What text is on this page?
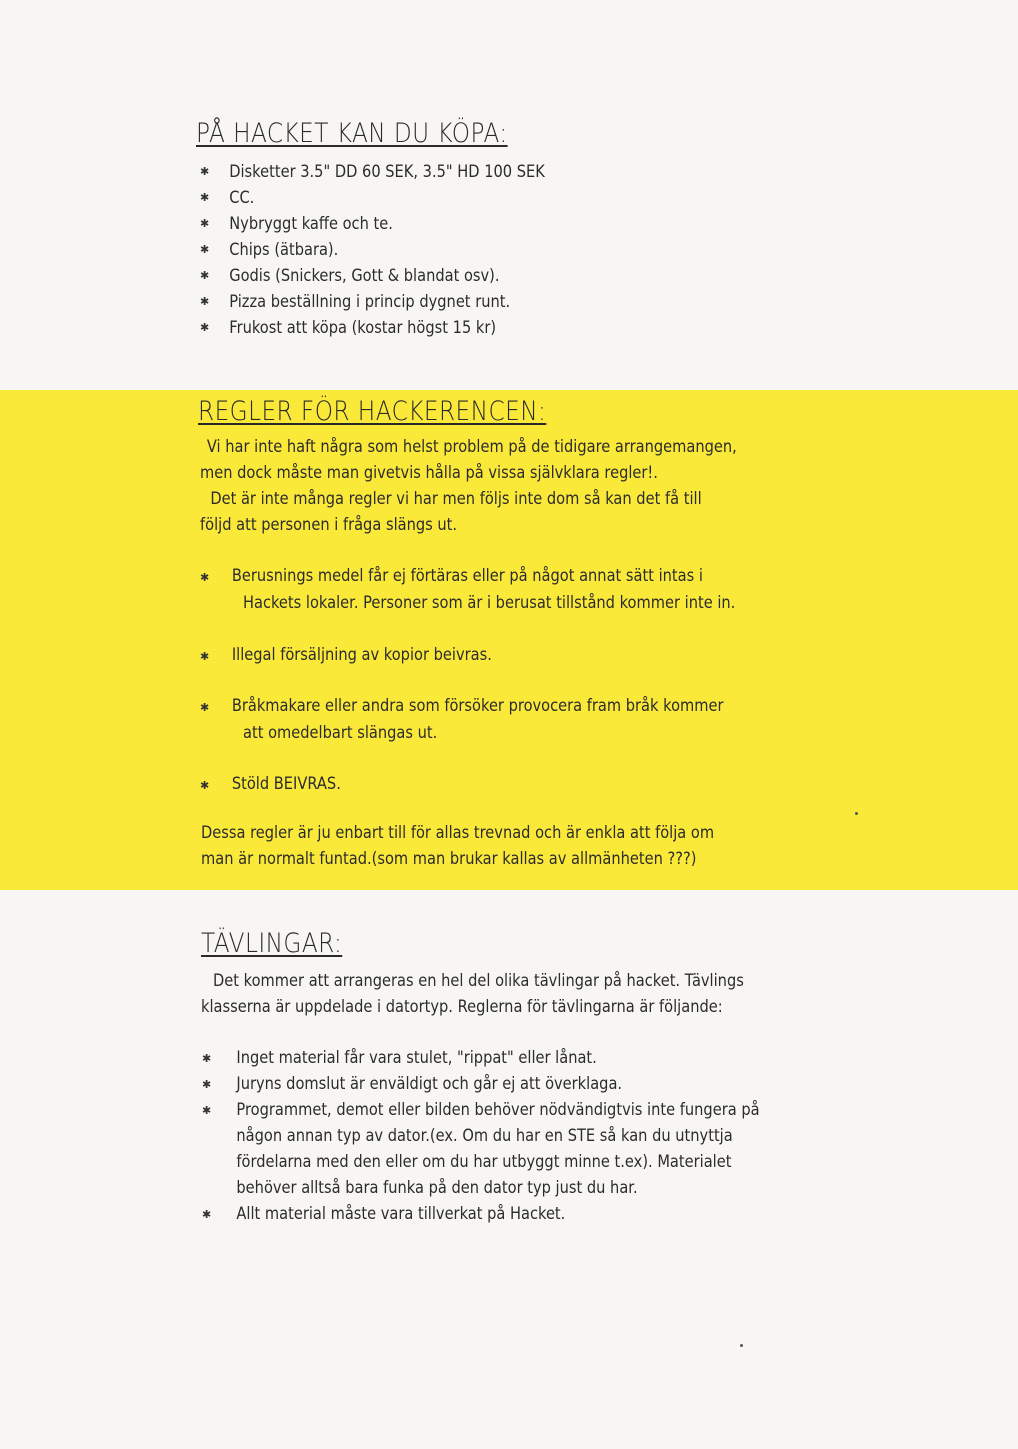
PÅ HACKET KAN DU KÖPA:
✱	Disketter 3.5" DD 60 SEK, 3.5" HD 100 SEK
✱	CC.
✱	Nybryggt kaffe och te.
✱	Chips (ätbara).
✱	Godis (Snickers, Gott & blandat osv).
✱	Pizza beställning i princip dygnet runt.
✱	Frukost att köpa (kostar högst 15 kr)
REGLER FÖR HACKERENCEN:
Vi har inte haft några som helst problem på de tidigare arrangemangen,
men dock måste man givetvis hålla på vissa självklara regler!.
Det är inte många regler vi har men följs inte dom så kan det få till
följd att personen i fråga slängs ut.
✱	Berusnings medel får ej förtäras eller på något annat sätt intas i
Hackets lokaler. Personer som är i berusat tillstånd kommer inte in.
✱	Illegal försäljning av kopior beivras.
✱	Bråkmakare eller andra som försöker provocera fram bråk kommer
att omedelbart slängas ut.
✱	Stöld BEIVRAS.
Dessa regler är ju enbart till för allas trevnad och är enkla att följa om
man är normalt funtad.(som man brukar kallas av allmänheten ???)
TÄVLINGAR:
Det kommer att arrangeras en hel del olika tävlingar på hacket. Tävlings
klasserna är uppdelade i datortyp. Reglerna för tävlingarna är följande:
✱	Inget material får vara stulet, "rippat" eller lånat.
✱	Juryns domslut är enväldigt och går ej att överklaga.
✱	Programmet, demot eller bilden behöver nödvändigtvis inte fungera på
någon annan typ av dator.(ex. Om du har en STE så kan du utnyttja
fördelarna med den eller om du har utbyggt minne t.ex). Materialet
behöver alltså bara funka på den dator typ just du har.
✱	Allt material måste vara tillverkat på Hacket.
